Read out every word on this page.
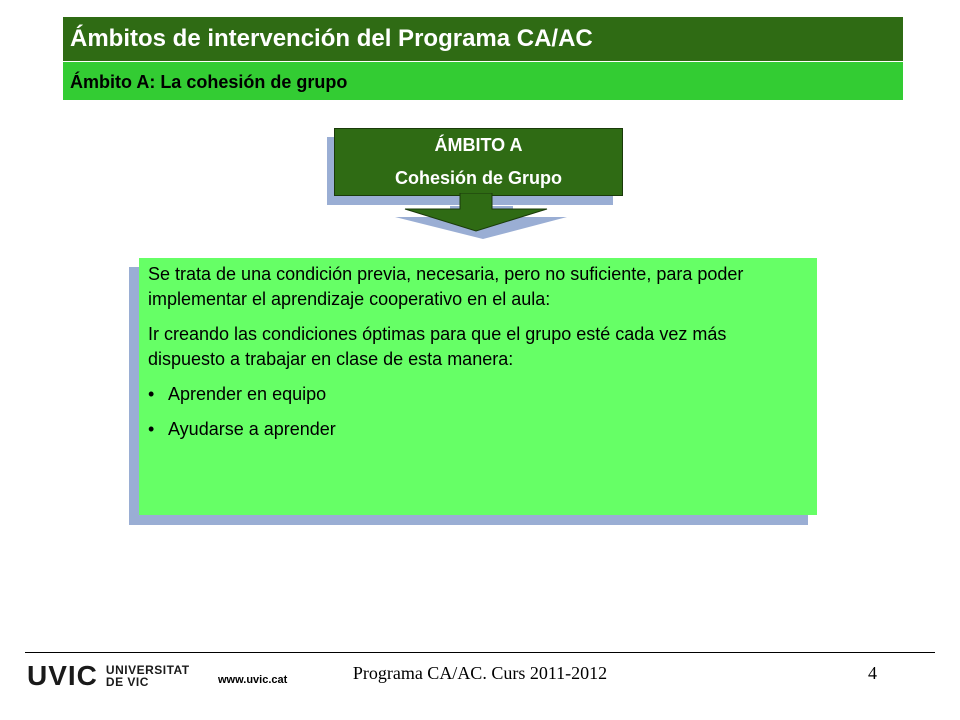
Ámbitos de intervención del Programa CA/AC
Ámbito A: La cohesión de grupo
ÁMBITO A
Cohesión de Grupo

Se trata de una condición previa, necesaria, pero no suficiente, para poder implementar el aprendizaje cooperativo en el aula:

Ir creando las condiciones óptimas para que el grupo esté cada vez más dispuesto a trabajar en clase de esta manera:

• Aprender en equipo
• Ayudarse a aprender
UVIC UNIVERSITAT
DE VIC	www.uvic.cat	Programa CA/AC. Curs 2011-2012	4
